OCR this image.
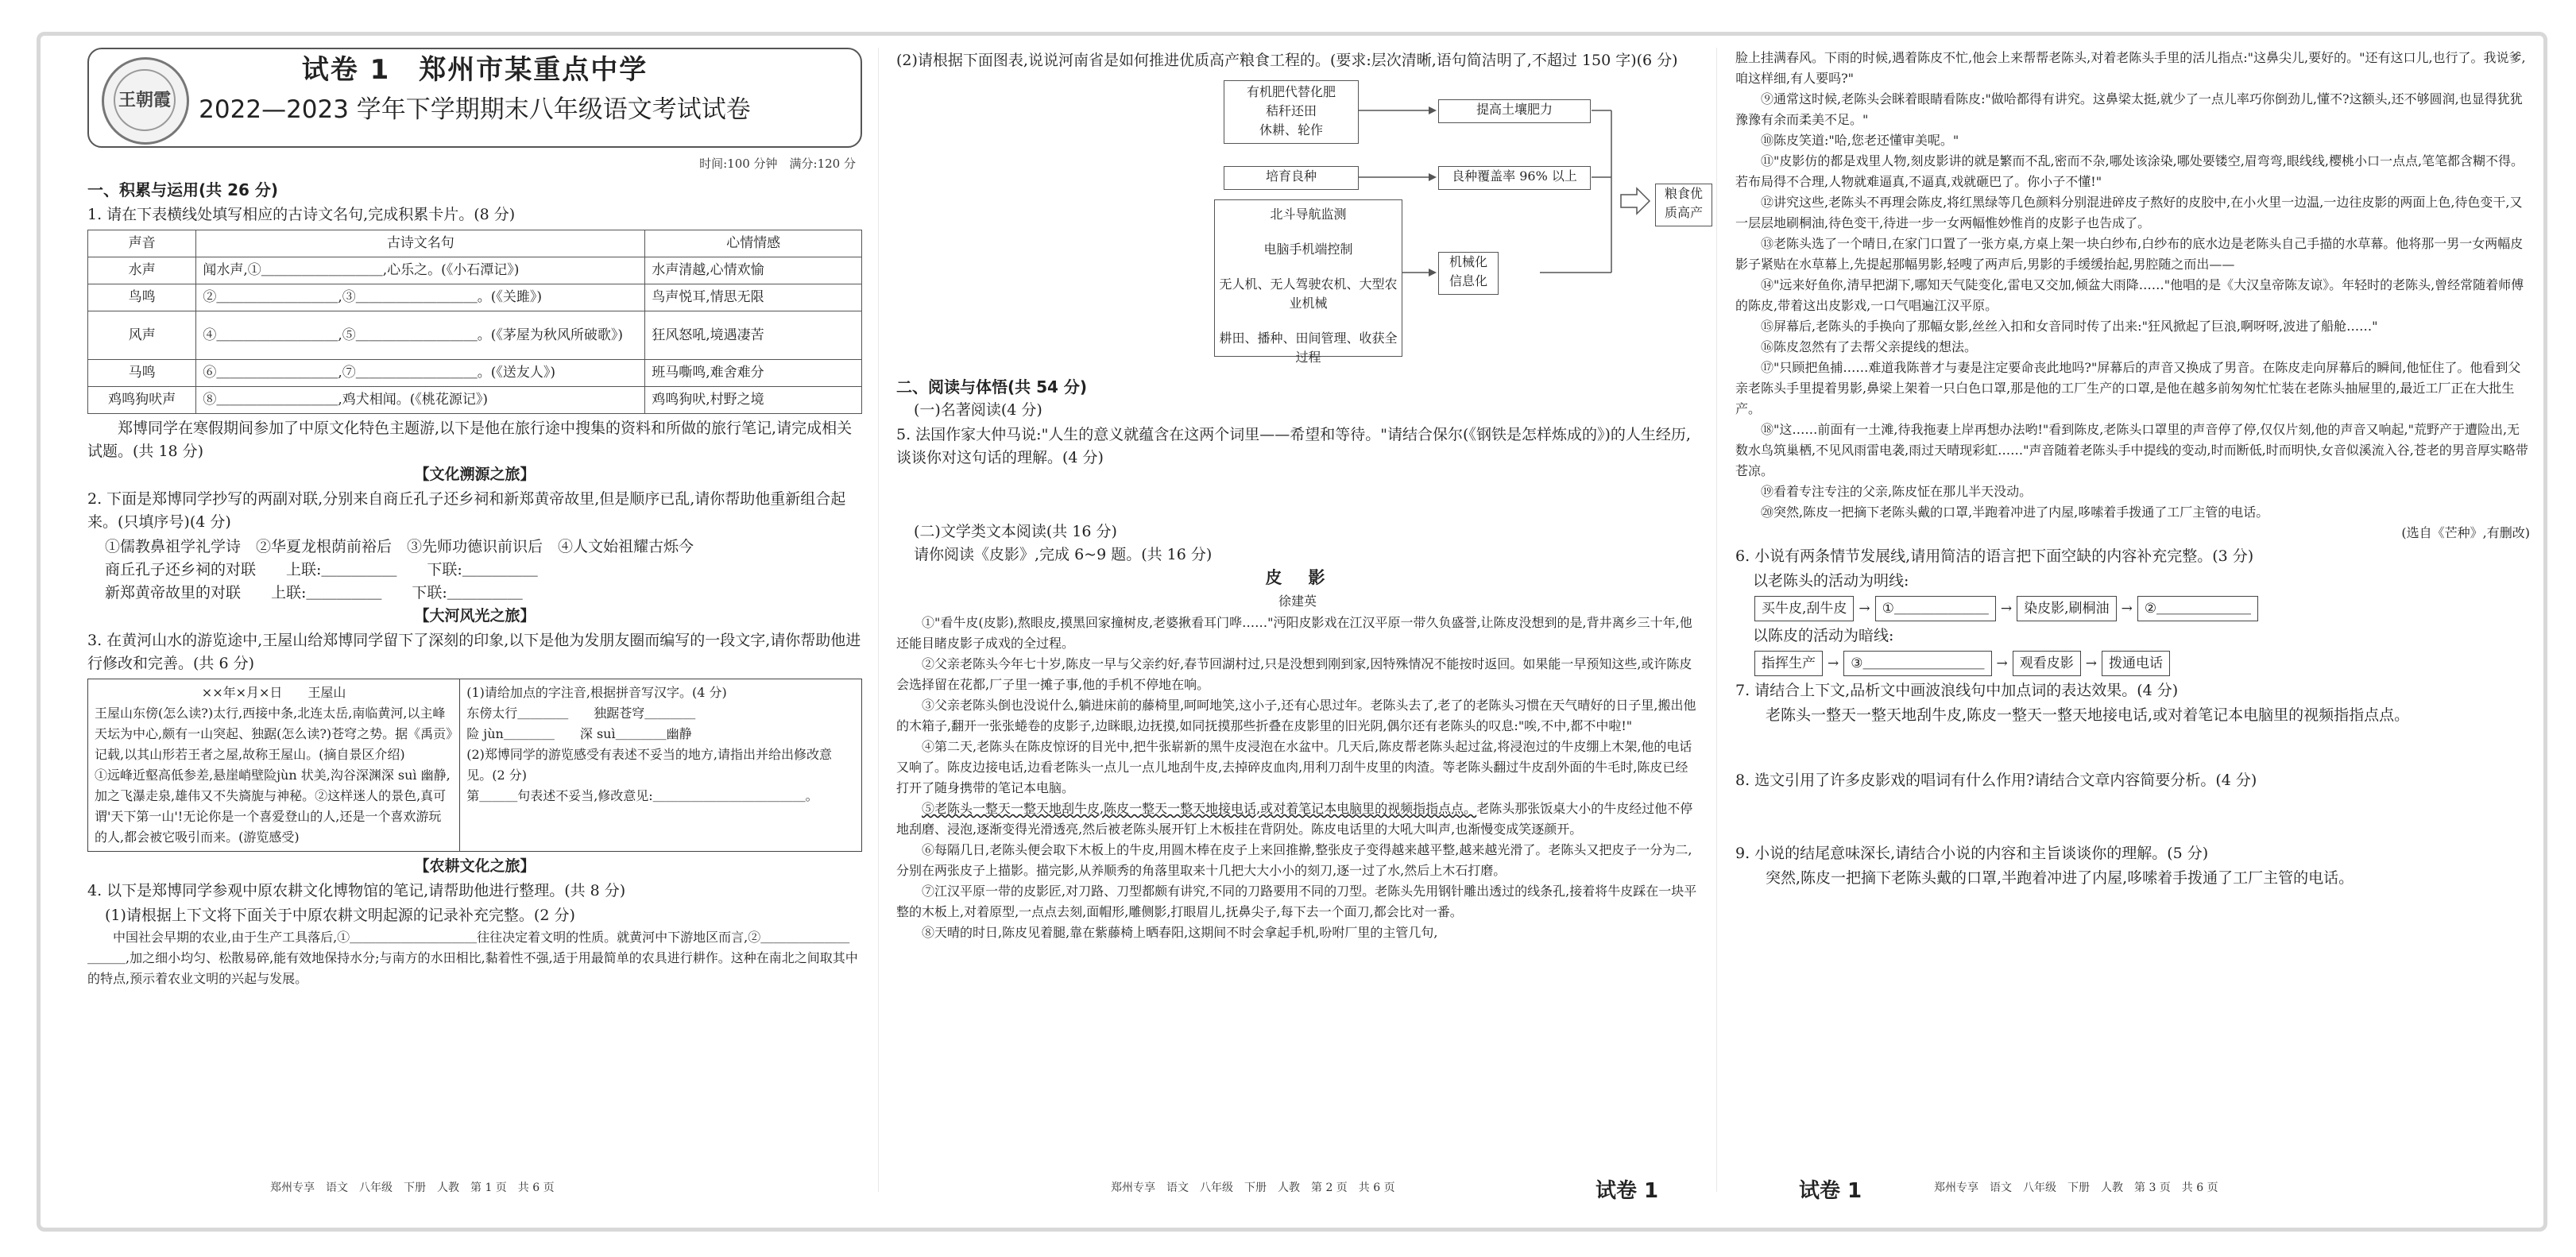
王朝霞
试卷 1　郑州市某重点中学
2022—2023 学年下学期期末八年级语文考试试卷
时间:100 分钟　满分:120 分
一、积累与运用(共 26 分)
1. 请在下表横线处填写相应的古诗文名句,完成积累卡片。(8 分)
声音	古诗文名句	心情情感
水声	闻水声,①＿＿＿＿＿＿＿＿＿,心乐之。(《小石潭记》)	水声清越,心情欢愉
鸟鸣	②＿＿＿＿＿＿＿＿＿,③＿＿＿＿＿＿＿＿＿。(《关雎》)	鸟声悦耳,情思无限
风声	④＿＿＿＿＿＿＿＿＿,⑤＿＿＿＿＿＿＿＿＿。(《茅屋为秋风所破歌》)	狂风怒吼,境遇凄苦
马鸣	⑥＿＿＿＿＿＿＿＿＿,⑦＿＿＿＿＿＿＿＿＿。(《送友人》)	班马嘶鸣,难舍难分
鸡鸣狗吠声	⑧＿＿＿＿＿＿＿＿＿,鸡犬相闻。(《桃花源记》)	鸡鸣狗吠,村野之境

郑博同学在寒假期间参加了中原文化特色主题游,以下是他在旅行途中搜集的资料和所做的旅行笔记,请完成相关试题。(共 18 分)

【文化溯源之旅】
2. 下面是郑博同学抄写的两副对联,分别来自商丘孔子还乡祠和新郑黄帝故里,但是顺序已乱,请你帮助他重新组合起来。(只填序号)(4 分)
①儒教鼻祖学礼学诗　②华夏龙根荫前裕后　③先师功德识前识后　④人文始祖耀古烁今
商丘孔子还乡祠的对联　　上联:＿＿＿＿＿　　下联:＿＿＿＿＿
新郑黄帝故里的对联　　上联:＿＿＿＿＿　　下联:＿＿＿＿＿
【大河风光之旅】
3. 在黄河山水的游览途中,王屋山给郑博同学留下了深刻的印象,以下是他为发朋友圈而编写的一段文字,请你帮助他进行修改和完善。(共 6 分)
××年×月×日　　王屋山
王屋山东傍(怎么读?)太行,西接中条,北连太岳,南临黄河,以主峰天坛为中心,颇有一山突起、独踞(怎么读?)苍穹之势。据《禹贡》记载,以其山形若王者之屋,故称王屋山。(摘自景区介绍)
①远峰近壑高低参差,悬崖峭壁险jùn 状美,沟谷深渊深 suì 幽静,加之飞瀑走泉,雄伟又不失旖旎与神秘。②这样迷人的景色,真可谓'天下第一山'!无论你是一个喜爱登山的人,还是一个喜欢游玩的人,都会被它吸引而来。(游览感受)
(1)请给加点的字注音,根据拼音写汉字。(4 分)
东傍太行＿＿＿＿　　独踞苍穹＿＿＿＿
险 jùn＿＿＿＿　　深 suì＿＿＿＿幽静
(2)郑博同学的游览感受有表述不妥当的地方,请指出并给出修改意见。(2 分)
第＿＿＿句表述不妥当,修改意见:＿＿＿＿＿＿＿＿＿＿＿＿。
【农耕文化之旅】
4. 以下是郑博同学参观中原农耕文化博物馆的笔记,请帮助他进行整理。(共 8 分)
(1)请根据上下文将下面关于中原农耕文明起源的记录补充完整。(2 分)

中国社会早期的农业,由于生产工具落后,①＿＿＿＿＿＿＿＿＿＿往往决定着文明的性质。就黄河中下游地区而言,②＿＿＿＿＿＿＿＿＿＿,加之细小均匀、松散易碎,能有效地保持水分;与南方的水田相比,黏着性不强,适于用最简单的农具进行耕作。这种在南北之间取其中的特点,预示着农业文明的兴起与发展。

郑州专享　语文　八年级　下册　人教　第 1 页　共 6 页
(2)请根据下面图表,说说河南省是如何推进优质高产粮食工程的。(要求:层次清晰,语句简洁明了,不超过 150 字)(6 分)
有机肥代替化肥
秸秆还田
休耕、轮作
提高土壤肥力
培育良种	良种覆盖率 96% 以上
北斗导航监测
电脑手机端控制
无人机、无人驾驶农机、大型农业机械
耕田、播种、田间管理、收获全过程
机械化
信息化
粮食优
质高产
二、阅读与体悟(共 54 分)
(一)名著阅读(4 分)
5. 法国作家大仲马说:"人生的意义就蕴含在这两个词里——希望和等待。"请结合保尔(《钢铁是怎样炼成的》)的人生经历,谈谈你对这句话的理解。(4 分)
(二)文学类文本阅读(共 16 分)
请你阅读《皮影》,完成 6~9 题。(共 16 分)
皮　影
徐建英

①"看牛皮(皮影),熬眼皮,摸黑回家撞树皮,老婆揪看耳门哗……"沔阳皮影戏在江汉平原一带久负盛誉,让陈皮没想到的是,背井离乡三十年,他还能目睹皮影子成戏的全过程。

②父亲老陈头今年七十岁,陈皮一早与父亲约好,春节回湖村过,只是没想到刚到家,因特殊情况不能按时返回。如果能一早预知这些,或许陈皮会选择留在花都,厂子里一摊子事,他的手机不停地在响。

③父亲老陈头倒也没说什么,躺进床前的藤椅里,呵呵地笑,这小子,还有心思过年。老陈头去了,老了的老陈头习惯在天气晴好的日子里,搬出他的木箱子,翻开一张张蜷卷的皮影子,边眯眼,边抚摸,如同抚摸那些折叠在皮影里的旧光阴,偶尔还有老陈头的叹息:"唉,不中,都不中啦!"

④第二天,老陈头在陈皮惊讶的目光中,把牛张崭新的黑牛皮浸泡在水盆中。几天后,陈皮帮老陈头起过盆,将浸泡过的牛皮绷上木架,他的电话又响了。陈皮边接电话,边看老陈头一点儿一点儿地刮牛皮,去掉碎皮血肉,用利刀刮牛皮里的肉渣。等老陈头翻过牛皮刮外面的牛毛时,陈皮已经打开了随身携带的笔记本电脑。

⑤老陈头一整天一整天地刮牛皮,陈皮一整天一整天地接电话,或对着笔记本电脑里的视频指指点点。老陈头那张饭桌大小的牛皮经过他不停地刮磨、浸泡,逐渐变得光滑透亮,然后被老陈头展开钉上木板挂在背阴处。陈皮电话里的大吼大叫声,也渐慢变成笑逐颜开。

⑥每隔几日,老陈头便会取下木板上的牛皮,用圆木棒在皮子上来回推擀,整张皮子变得越来越平整,越来越光滑了。老陈头又把皮子一分为二,分别在两张皮子上描影。描完影,从养顺秀的角落里取来十几把大大小小的刻刀,逐一过了水,然后上木石打磨。

⑦江汉平原一带的皮影匠,对刀路、刀型都颇有讲究,不同的刀路要用不同的刀型。老陈头先用钢针雕出透过的线条孔,接着将牛皮踩在一块平整的木板上,对着原型,一点点去刻,面帽形,雕侧影,打眼眉儿,抚鼻尖子,每下去一个面刀,都会比对一番。

⑧天晴的时日,陈皮见着腿,靠在紫藤椅上晒春阳,这期间不时会拿起手机,吩咐厂里的主管几句,

郑州专享　语文　八年级　下册　人教　第 2 页　共 6 页	试卷 1

脸上挂满春风。下雨的时候,遇着陈皮不忙,他会上来帮帮老陈头,对着老陈头手里的活儿指点:"这鼻尖儿,要好的。"还有这口儿,也行了。我说爹,咱这样细,有人要吗?"

⑨通常这时候,老陈头会眯着眼睛看陈皮:"做哈都得有讲究。这鼻梁太挺,就少了一点儿率巧你倒劲儿,懂不?这额头,还不够圆润,也显得犹犹豫豫有余而柔美不足。"

⑩陈皮笑道:"哈,您老还懂审美呢。"

⑪"皮影仿的都是戏里人物,刻皮影讲的就是繁而不乱,密而不杂,哪处该涂染,哪处要镂空,眉弯弯,眼线线,樱桃小口一点点,笔笔都含糊不得。若布局得不合理,人物就难逼真,不逼真,戏就砸巴了。你小子不懂!"

⑫讲究这些,老陈头不再理会陈皮,将红黑绿等几色颜料分别混进碎皮子熬好的皮胶中,在小火里一边温,一边往皮影的两面上色,待色变干,又一层层地刷桐油,待色变干,待进一步一女两幅惟妙惟肖的皮影子也告成了。

⑬老陈头选了一个晴日,在家门口置了一张方桌,方桌上架一块白纱布,白纱布的底水边是老陈头自己手描的水草幕。他将那一男一女两幅皮影子紧贴在水草幕上,先提起那幅男影,轻嗖了两声后,男影的手缓缓抬起,男腔随之而出——

⑭"远来好鱼你,清早把湖下,哪知天气陡变化,雷电又交加,倾盆大雨降……"他唱的是《大汉皇帝陈友谅》。年轻时的老陈头,曾经常随着师傅的陈皮,带着这出皮影戏,一口气唱遍江汉平原。

⑮屏幕后,老陈头的手换向了那幅女影,丝丝入扣和女音同时传了出来:"狂风掀起了巨浪,啊呀呀,波进了船舱……"

⑯陈皮忽然有了去帮父亲提线的想法。

⑰"只顾把鱼捕……难道我陈普才与妻是注定要命丧此地吗?"屏幕后的声音又换成了男音。在陈皮走向屏幕后的瞬间,他怔住了。他看到父亲老陈头手里提着男影,鼻梁上架着一只白色口罩,那是他的工厂生产的口罩,是他在越多前匆匆忙忙装在老陈头抽屉里的,最近工厂正在大批生产。

⑱"这……前面有一土滩,待我拖妻上岸再想办法哟!"看到陈皮,老陈头口罩里的声音停了停,仅仅片刻,他的声音又响起,"荒野产于遭险出,无数水鸟筑巢栖,不见风雨雷电袭,雨过天晴现彩虹……"声音随着老陈头手中提线的变动,时而断低,时而明快,女音似溪流入谷,苍老的男音厚实略带苍凉。

⑲看着专注专注的父亲,陈皮怔在那儿半天没动。

⑳突然,陈皮一把摘下老陈头戴的口罩,半跑着冲进了内屋,哆嗦着手拨通了工厂主管的电话。

(选自《芒种》,有删改)
6. 小说有两条情节发展线,请用简洁的语言把下面空缺的内容补充完整。(3 分)
以老陈头的活动为明线:
买牛皮,刮牛皮 → ①＿＿＿＿＿＿＿ → 染皮影,刷桐油 → ②＿＿＿＿＿＿＿
以陈皮的活动为暗线:
指挥生产 → ③＿＿＿＿＿＿＿＿＿ → 观看皮影 → 拨通电话
7. 请结合上下文,品析文中画波浪线句中加点词的表达效果。(4 分)

老陈头一整天一整天地刮牛皮,陈皮一整天一整天地接电话,或对着笔记本电脑里的视频指指点点。

8. 选文引用了许多皮影戏的唱词有什么作用?请结合文章内容简要分析。(4 分)
9. 小说的结尾意味深长,请结合小说的内容和主旨谈谈你的理解。(5 分)

突然,陈皮一把摘下老陈头戴的口罩,半跑着冲进了内屋,哆嗦着手拨通了工厂主管的电话。

试卷 1	郑州专享　语文　八年级　下册　人教　第 3 页　共 6 页
